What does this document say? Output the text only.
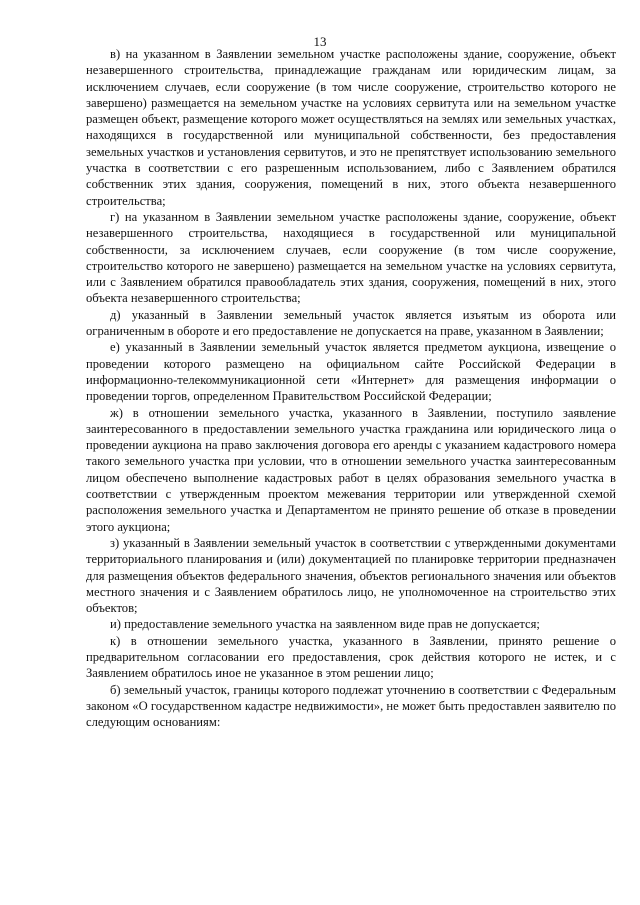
13

в) на указанном в Заявлении земельном участке расположены здание, сооружение, объект незавершенного строительства, принадлежащие гражданам или юридическим лицам, за исключением случаев, если сооружение (в том числе сооружение, строительство которого не завершено) размещается на земельном участке на условиях сервитута или на земельном участке размещен объект, размещение которого может осуществляться на землях или земельных участках, находящихся в государственной или муниципальной собственности, без предоставления земельных участков и установления сервитутов, и это не препятствует использованию земельного участка в соответствии с его разрешенным использованием, либо с Заявлением обратился собственник этих здания, сооружения, помещений в них, этого объекта незавершенного строительства;

г) на указанном в Заявлении земельном участке расположены здание, сооружение, объект незавершенного строительства, находящиеся в государственной или муниципальной собственности, за исключением случаев, если сооружение (в том числе сооружение, строительство которого не завершено) размещается на земельном участке на условиях сервитута, или с Заявлением обратился правообладатель этих здания, сооружения, помещений в них, этого объекта незавершенного строительства;

д) указанный в Заявлении земельный участок является изъятым из оборота или ограниченным в обороте и его предоставление не допускается на праве, указанном в Заявлении;

е) указанный в Заявлении земельный участок является предметом аукциона, извещение о проведении которого размещено на официальном сайте Российской Федерации в информационно-телекоммуникационной сети «Интернет» для размещения информации о проведении торгов, определенном Правительством Российской Федерации;

ж) в отношении земельного участка, указанного в Заявлении, поступило заявление заинтересованного в предоставлении земельного участка гражданина или юридического лица о проведении аукциона на право заключения договора его аренды с указанием кадастрового номера такого земельного участка при условии, что в отношении земельного участка заинтересованным лицом обеспечено выполнение кадастровых работ в целях образования земельного участка в соответствии с утвержденным проектом межевания территории или утвержденной схемой расположения земельного участка и Департаментом не принято решение об отказе в проведении этого аукциона;

з) указанный в Заявлении земельный участок в соответствии с утвержденными документами территориального планирования и (или) документацией по планировке территории предназначен для размещения объектов федерального значения, объектов регионального значения или объектов местного значения и с Заявлением обратилось лицо, не уполномоченное на строительство этих объектов;

и) предоставление земельного участка на заявленном виде прав не допускается;

к) в отношении земельного участка, указанного в Заявлении, принято решение о предварительном согласовании его предоставления, срок действия которого не истек, и с Заявлением обратилось иное не указанное в этом решении лицо;

б) земельный участок, границы которого подлежат уточнению в соответствии с Федеральным законом «О государственном кадастре недвижимости», не может быть предоставлен заявителю по следующим основаниям:
